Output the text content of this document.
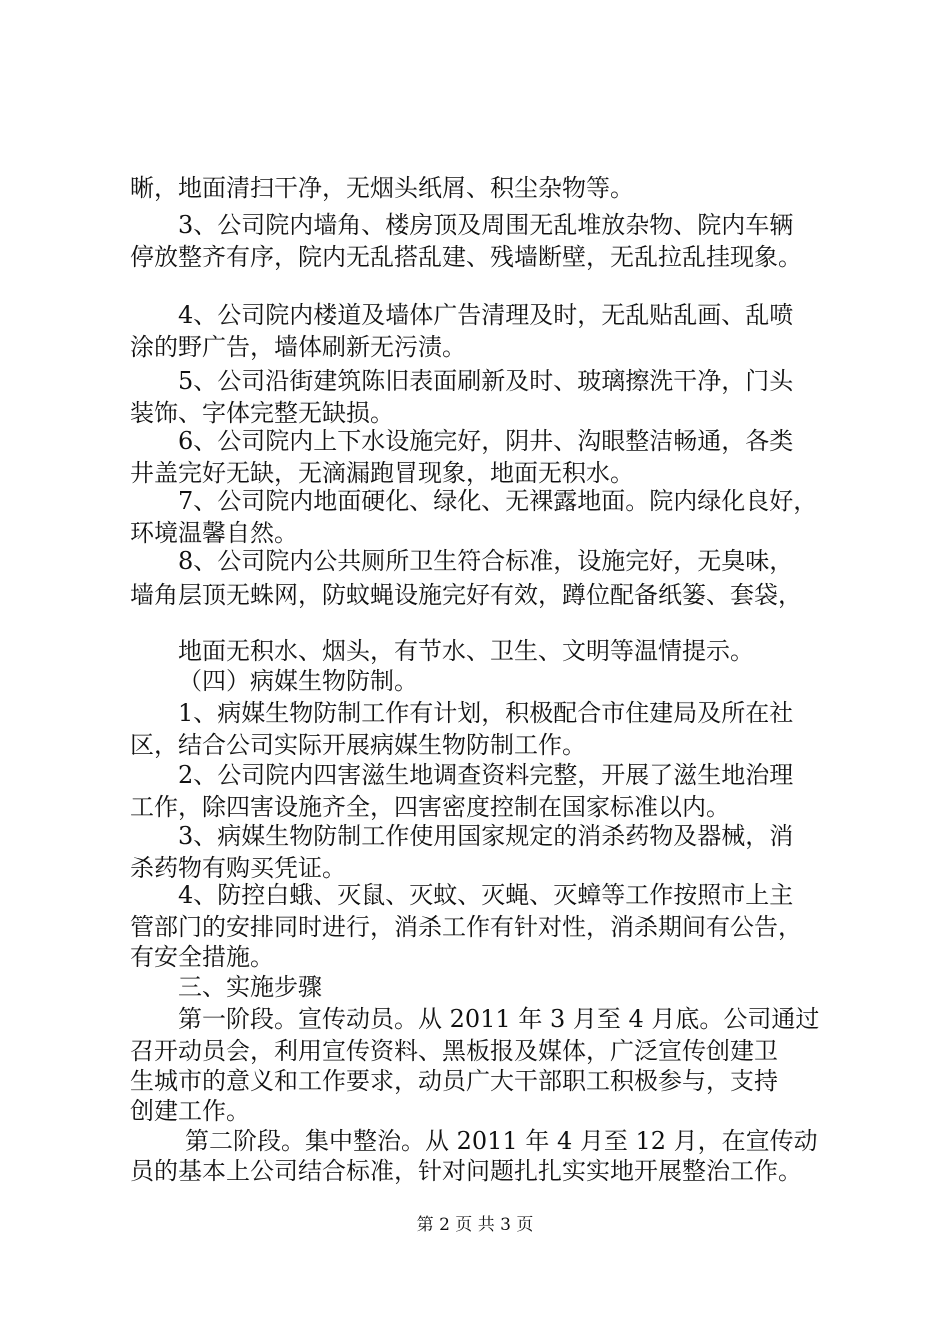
晰，地面清扫干净，无烟头纸屑、积尘杂物等。
3、公司院内墙角、楼房顶及周围无乱堆放杂物、院内车辆
停放整齐有序，院内无乱搭乱建、残墙断壁，无乱拉乱挂现象。
4、公司院内楼道及墙体广告清理及时，无乱贴乱画、乱喷
涂的野广告，墙体刷新无污渍。
5、公司沿街建筑陈旧表面刷新及时、玻璃擦洗干净，门头
装饰、字体完整无缺损。
6、公司院内上下水设施完好，阴井、沟眼整洁畅通，各类
井盖完好无缺，无滴漏跑冒现象，地面无积水。
7、公司院内地面硬化、绿化、无裸露地面。院内绿化良好，
环境温馨自然。
8、公司院内公共厕所卫生符合标准，设施完好，无臭味，
墙角层顶无蛛网，防蚊蝇设施完好有效，蹲位配备纸篓、套袋，
地面无积水、烟头，有节水、卫生、文明等温情提示。
（四）病媒生物防制。
1、病媒生物防制工作有计划，积极配合市住建局及所在社
区，结合公司实际开展病媒生物防制工作。
2、公司院内四害滋生地调查资料完整，开展了滋生地治理
工作，除四害设施齐全，四害密度控制在国家标准以内。
3、病媒生物防制工作使用国家规定的消杀药物及器械，消
杀药物有购买凭证。
4、防控白蛾、灭鼠、灭蚊、灭蝇、灭蟑等工作按照市上主
管部门的安排同时进行，消杀工作有针对性，消杀期间有公告，
有安全措施。
三、实施步骤
第一阶段。宣传动员。从 2011 年 3 月至 4 月底。公司通过
召开动员会，利用宣传资料、黑板报及媒体，广泛宣传创建卫
生城市的意义和工作要求，动员广大干部职工积极参与，支持
创建工作。
第二阶段。集中整治。从 2011 年 4 月至 12 月，在宣传动
员的基本上公司结合标准，针对问题扎扎实实地开展整治工作。
第 2 页 共 3 页
